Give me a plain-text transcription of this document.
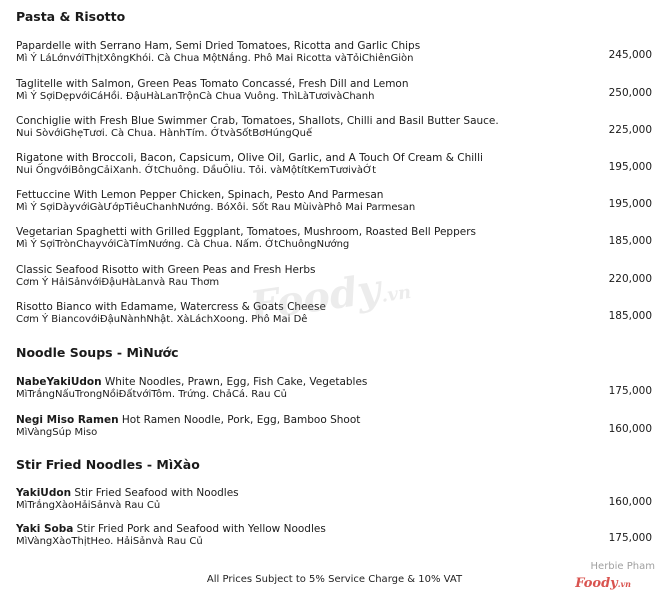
Pasta & Risotto
Papardelle with Serrano Ham, Semi Dried Tomatoes, Ricotta and Garlic Chips
Mì Ý LáLớnvớiThịtXôngKhói. Cà Chua MộtNắng. Phô Mai Ricotta vàTỏiChiênGiòn	245,000
Taglitelle with Salmon, Green Peas Tomato Concassé, Fresh Dill and Lemon
Mì Ý SợiDẹpvớiCáHồi. ĐậuHàLanTrộnCà Chua Vuông. ThìLàTươivàChanh	250,000
Conchiglie with Fresh Blue Swimmer Crab, Tomatoes, Shallots, Chilli and Basil Butter Sauce.
Nui SòvớiGhẹTươi. Cà Chua. HànhTím. ỚtvàSốtBơHúngQuế	225,000
Rigatone with Broccoli, Bacon, Capsicum, Olive Oil, Garlic, and A Touch Of Cream & Chilli
Nui ỐngvớiBôngCảiXanh. ỚtChuông. DầuÔliu. Tỏi. vàMộtítKemTươivàỚt	195,000
Fettuccine With Lemon Pepper Chicken, Spinach, Pesto And Parmesan
Mì Ý SợiDàyvớiGàƯớpTiêuChanhNướng. BóXôi. Sốt Rau MùivàPhô Mai Parmesan	195,000
Vegetarian Spaghetti with Grilled Eggplant, Tomatoes, Mushroom, Roasted Bell Peppers
Mì Ý SợiTrònChayvớiCàTímNướng. Cà Chua. Nấm. ỚtChuôngNướng	185,000
Classic Seafood Risotto with Green Peas and Fresh Herbs
Cơm Ý HảiSảnvớiĐậuHàLanvà Rau Thơm	220,000
Risotto Bianco with Edamame, Watercress & Goats Cheese
Cơm Ý BiancovớiĐậuNànhNhật. XàLáchXoong. Phô Mai Dê	185,000
Noodle Soups - MìNước
NabeYakiUdon White Noodles, Prawn, Egg, Fish Cake, Vegetables
MìTrắngNấuTrongNồiĐấtvớiTôm. Trứng. ChảCá. Rau Củ	175,000
Negi Miso Ramen Hot Ramen Noodle, Pork, Egg, Bamboo Shoot
MìVàngSúp Miso	160,000
Stir Fried Noodles - MìXào
YakiUdon Stir Fried Seafood with Noodles
MìTrắngXàoHảiSảnvà Rau Củ	160,000
Yaki Soba Stir Fried Pork and Seafood with Yellow Noodles
MìVàngXàoThịtHeo. HảiSảnvà Rau Củ	175,000
All Prices Subject to 5% Service Charge & 10% VAT
Foody.vn
Herbie Pham
Foody.vn
